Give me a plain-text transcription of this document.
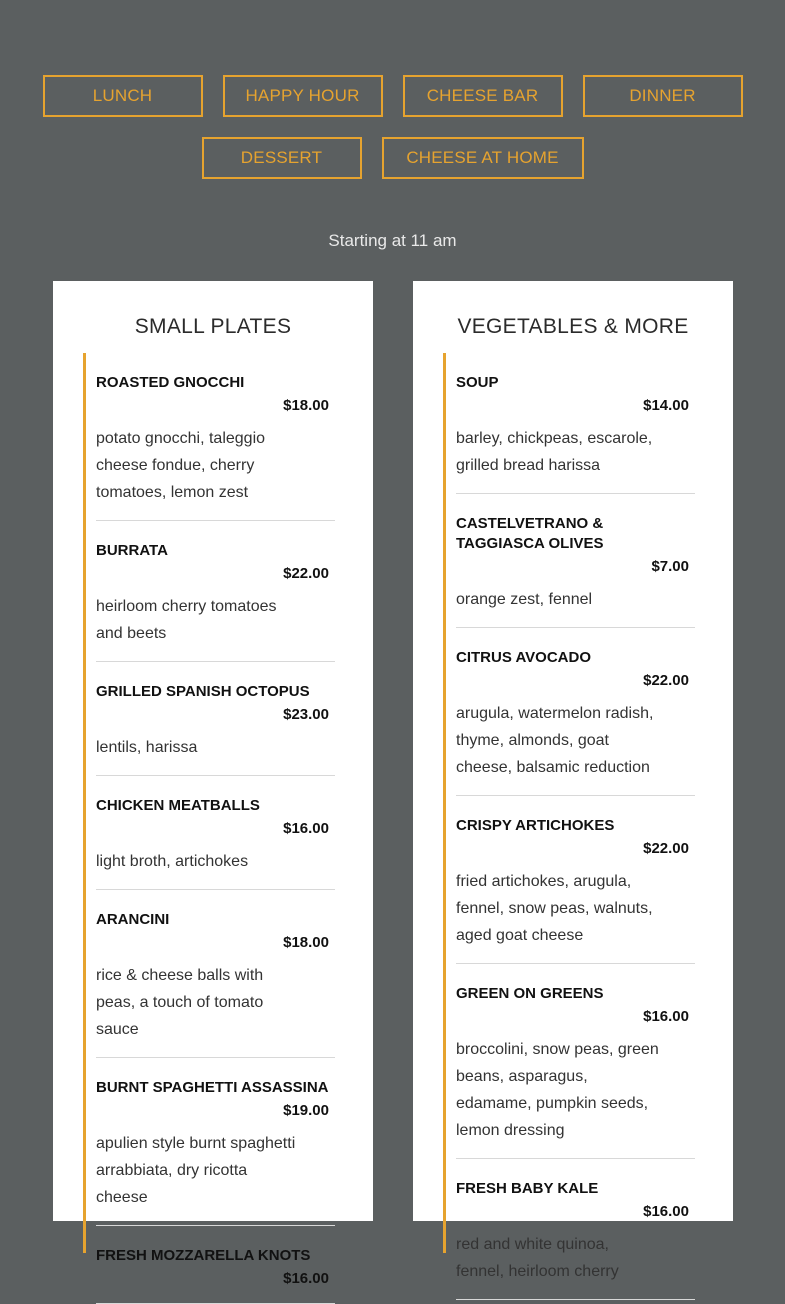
LUNCH	HAPPY HOUR	CHEESE BAR	DINNER
DESSERT	CHEESE AT HOME
Starting at 11 am
SMALL PLATES
ROASTED GNOCCHI
$18.00
potato gnocchi, taleggio cheese fondue, cherry tomatoes, lemon zest
BURRATA
$22.00
heirloom cherry tomatoes and beets
GRILLED SPANISH OCTOPUS
$23.00
lentils, harissa
CHICKEN MEATBALLS
$16.00
light broth, artichokes
ARANCINI
$18.00
rice & cheese balls with peas, a touch of tomato sauce
BURNT SPAGHETTI ASSASSINA
$19.00
apulien style burnt spaghetti arrabbiata, dry ricotta cheese
FRESH MOZZARELLA KNOTS
$16.00
VEGETABLES & MORE
SOUP
$14.00
barley, chickpeas, escarole, grilled bread harissa
CASTELVETRANO & TAGGIASCA OLIVES
$7.00
orange zest, fennel
CITRUS AVOCADO
$22.00
arugula, watermelon radish, thyme, almonds, goat cheese, balsamic reduction
CRISPY ARTICHOKES
$22.00
fried artichokes, arugula, fennel, snow peas, walnuts, aged goat cheese
GREEN ON GREENS
$16.00
broccolini, snow peas, green beans, asparagus, edamame, pumpkin seeds, lemon dressing
FRESH BABY KALE
$16.00
red and white quinoa, fennel, heirloom cherry
